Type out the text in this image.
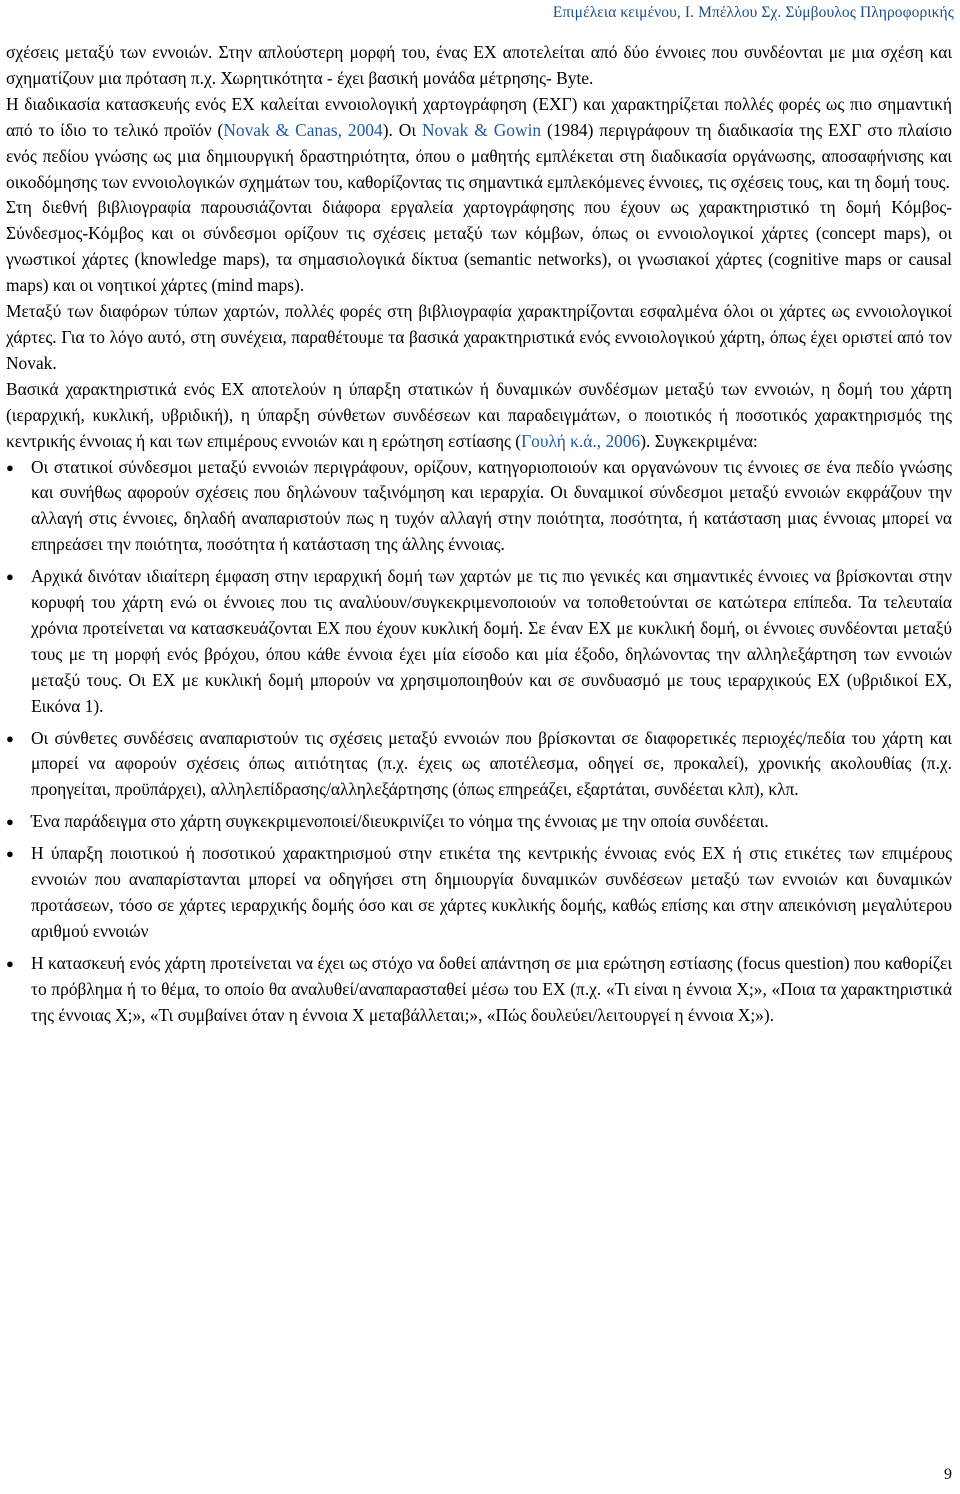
Επιμέλεια κειμένου, Ι. Μπέλλου Σχ. Σύμβουλος Πληροφορικής

σχέσεις μεταξύ των εννοιών. Στην απλούστερη μορφή του, ένας ΕΧ αποτελείται από δύο έννοιες που συνδέονται με μια σχέση και σχηματίζουν μια πρόταση π.χ. Χωρητικότητα - έχει βασική μονάδα μέτρησης- Byte.

Η διαδικασία κατασκευής ενός ΕΧ καλείται εννοιολογική χαρτογράφηση (ΕΧΓ) και χαρακτηρίζεται πολλές φορές ως πιο σημαντική από το ίδιο το τελικό προϊόν (Novak & Canas, 2004). Οι Novak & Gowin (1984) περιγράφουν τη διαδικασία της ΕΧΓ στο πλαίσιο ενός πεδίου γνώσης ως μια δημιουργική δραστηριότητα, όπου ο μαθητής εμπλέκεται στη διαδικασία οργάνωσης, αποσαφήνισης και οικοδόμησης των εννοιολογικών σχημάτων του, καθορίζοντας τις σημαντικά εμπλεκόμενες έννοιες, τις σχέσεις τους, και τη δομή τους.

Στη διεθνή βιβλιογραφία παρουσιάζονται διάφορα εργαλεία χαρτογράφησης που έχουν ως χαρακτηριστικό τη δομή Κόμβος-Σύνδεσμος-Κόμβος και οι σύνδεσμοι ορίζουν τις σχέσεις μεταξύ των κόμβων, όπως οι εννοιολογικοί χάρτες (concept maps), οι γνωστικοί χάρτες (knowledge maps), τα σημασιολογικά δίκτυα (semantic networks), οι γνωσιακοί χάρτες (cognitive maps or causal maps) και οι νοητικοί χάρτες (mind maps).

Μεταξύ των διαφόρων τύπων χαρτών, πολλές φορές στη βιβλιογραφία χαρακτηρίζονται εσφαλμένα όλοι οι χάρτες ως εννοιολογικοί χάρτες. Για το λόγο αυτό, στη συνέχεια, παραθέτουμε τα βασικά χαρακτηριστικά ενός εννοιολογικού χάρτη, όπως έχει οριστεί από τον Novak.

Βασικά χαρακτηριστικά ενός ΕΧ αποτελούν η ύπαρξη στατικών ή δυναμικών συνδέσμων μεταξύ των εννοιών, η δομή του χάρτη (ιεραρχική, κυκλική, υβριδική), η ύπαρξη σύνθετων συνδέσεων και παραδειγμάτων, ο ποιοτικός ή ποσοτικός χαρακτηρισμός της κεντρικής έννοιας ή και των επιμέρους εννοιών και η ερώτηση εστίασης (Γουλή κ.ά., 2006). Συγκεκριμένα:

● Οι στατικοί σύνδεσμοι μεταξύ εννοιών περιγράφουν, ορίζουν, κατηγοριοποιούν και οργανώνουν τις έννοιες σε ένα πεδίο γνώσης και συνήθως αφορούν σχέσεις που δηλώνουν ταξινόμηση και ιεραρχία. Οι δυναμικοί σύνδεσμοι μεταξύ εννοιών εκφράζουν την αλλαγή στις έννοιες, δηλαδή αναπαριστούν πως η τυχόν αλλαγή στην ποιότητα, ποσότητα, ή κατάσταση μιας έννοιας μπορεί να επηρεάσει την ποιότητα, ποσότητα ή κατάσταση της άλλης έννοιας.
● Αρχικά δινόταν ιδιαίτερη έμφαση στην ιεραρχική δομή των χαρτών με τις πιο γενικές και σημαντικές έννοιες να βρίσκονται στην κορυφή του χάρτη ενώ οι έννοιες που τις αναλύουν/συγκεκριμενοποιούν να τοποθετούνται σε κατώτερα επίπεδα. Τα τελευταία χρόνια προτείνεται να κατασκευάζονται ΕΧ που έχουν κυκλική δομή. Σε έναν ΕΧ με κυκλική δομή, οι έννοιες συνδέονται μεταξύ τους με τη μορφή ενός βρόχου, όπου κάθε έννοια έχει μία είσοδο και μία έξοδο, δηλώνοντας την αλληλεξάρτηση των εννοιών μεταξύ τους. Οι ΕΧ με κυκλική δομή μπορούν να χρησιμοποιηθούν και σε συνδυασμό με τους ιεραρχικούς ΕΧ (υβριδικοί ΕΧ, Εικόνα 1).
● Οι σύνθετες συνδέσεις αναπαριστούν τις σχέσεις μεταξύ εννοιών που βρίσκονται σε διαφορετικές περιοχές/πεδία του χάρτη και μπορεί να αφορούν σχέσεις όπως αιτιότητας (π.χ. έχεις ως αποτέλεσμα, οδηγεί σε, προκαλεί), χρονικής ακολουθίας (π.χ. προηγείται, προϋπάρχει), αλληλεπίδρασης/αλληλεξάρτησης (όπως επηρεάζει, εξαρτάται, συνδέεται κλπ), κλπ.
● Ένα παράδειγμα στο χάρτη συγκεκριμενοποιεί/διευκρινίζει το νόημα της έννοιας με την οποία συνδέεται.
● Η ύπαρξη ποιοτικού ή ποσοτικού χαρακτηρισμού στην ετικέτα της κεντρικής έννοιας ενός ΕΧ ή στις ετικέτες των επιμέρους εννοιών που αναπαρίστανται μπορεί να οδηγήσει στη δημιουργία δυναμικών συνδέσεων μεταξύ των εννοιών και δυναμικών προτάσεων, τόσο σε χάρτες ιεραρχικής δομής όσο και σε χάρτες κυκλικής δομής, καθώς επίσης και στην απεικόνιση μεγαλύτερου αριθμού εννοιών
● Η κατασκευή ενός χάρτη προτείνεται να έχει ως στόχο να δοθεί απάντηση σε μια ερώτηση εστίασης (focus question) που καθορίζει το πρόβλημα ή το θέμα, το οποίο θα αναλυθεί/αναπαρασταθεί μέσω του ΕΧ (π.χ. «Τι είναι η έννοια Χ;», «Ποια τα χαρακτηριστικά της έννοιας Χ;», «Τι συμβαίνει όταν η έννοια Χ μεταβάλλεται;», «Πώς δουλεύει/λειτουργεί η έννοια Χ;»).
9
